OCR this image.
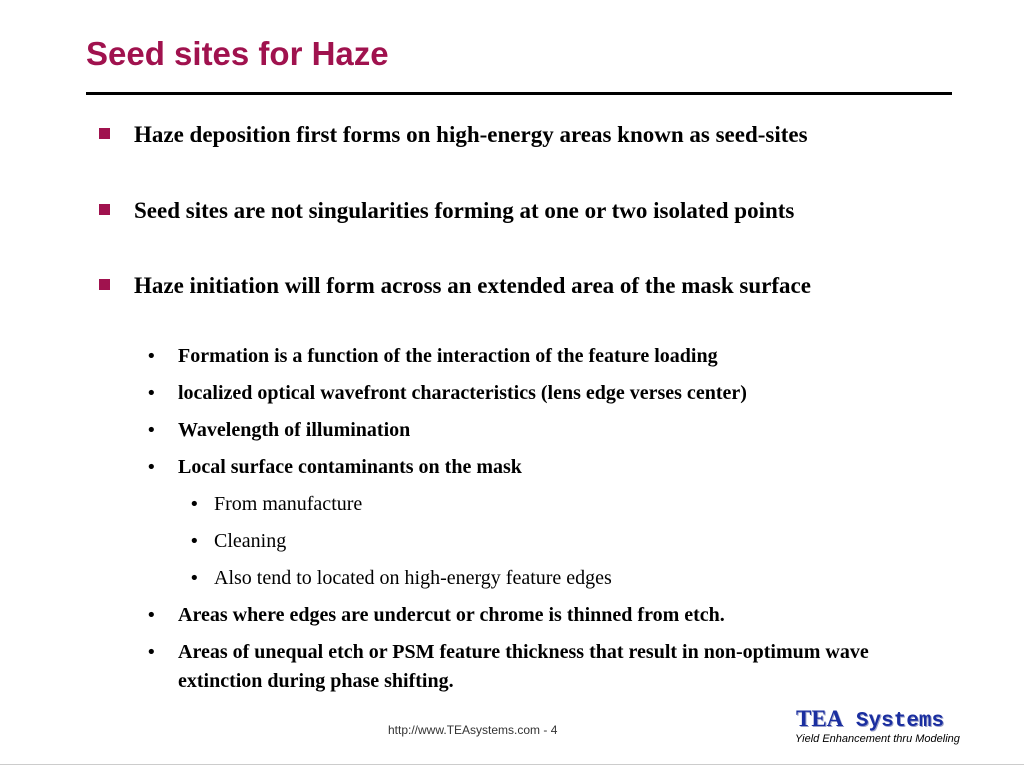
Seed sites for Haze
Haze deposition first forms on high-energy areas known as seed-sites
Seed sites are not singularities forming at one or two isolated points
Haze initiation will form across an extended area of the mask surface
• Formation is a function of the interaction of the feature loading
• localized optical wavefront characteristics (lens edge verses center)
• Wavelength of illumination
• Local surface contaminants on the mask
• From manufacture
• Cleaning
• Also tend to located on high-energy feature edges
• Areas where edges are undercut or chrome is thinned from etch.
• Areas of unequal etch or PSM feature thickness that result in non-optimum wave extinction during phase shifting.
http://www.TEAsystems.com - 4	TEA Systems
Yield Enhancement thru Modeling
